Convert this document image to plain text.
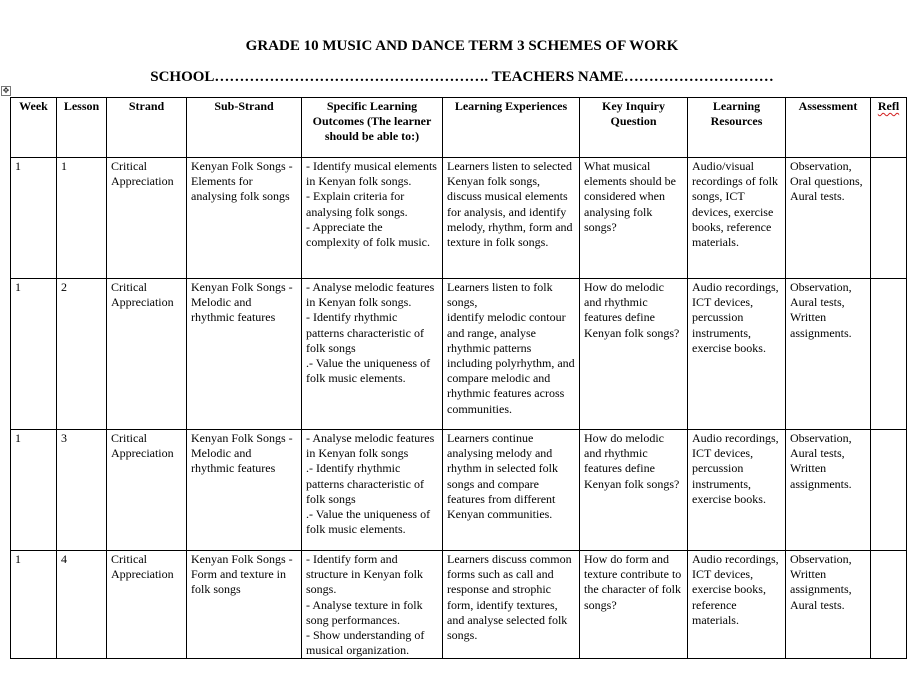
GRADE 10 MUSIC AND DANCE TERM 3 SCHEMES OF WORK
SCHOOL………………………………………………. TEACHERS NAME…………………………
✥
Week	Lesson	Strand	Sub-Strand	Specific Learning Outcomes (The learner should be able to:)	Learning Experiences	Key Inquiry Question	Learning Resources	Assessment	Refl
1	1	Critical Appreciation	Kenyan Folk Songs - Elements for analysing folk songs	- Identify musical elements in Kenyan folk songs.
- Explain criteria for analysing folk songs.
- Appreciate the complexity of folk music.	Learners listen to selected Kenyan folk songs, discuss musical elements for analysis, and identify melody, rhythm, form and texture in folk songs.	What musical elements should be considered when analysing folk songs?	Audio/visual recordings of folk songs, ICT devices, exercise books, reference materials.	Observation, Oral questions, Aural tests.	
1	2	Critical Appreciation	Kenyan Folk Songs - Melodic and rhythmic features	- Analyse melodic features in Kenyan folk songs.
- Identify rhythmic patterns characteristic of folk songs
.- Value the uniqueness of folk music elements.	Learners listen to folk songs,
identify melodic contour and range, analyse rhythmic patterns including polyrhythm, and compare melodic and rhythmic features across communities.	How do melodic and rhythmic features define Kenyan folk songs?	Audio recordings, ICT devices, percussion instruments, exercise books.	Observation, Aural tests, Written assignments.	
1	3	Critical Appreciation	Kenyan Folk Songs - Melodic and rhythmic features	- Analyse melodic features in Kenyan folk songs
.- Identify rhythmic patterns characteristic of folk songs
.- Value the uniqueness of folk music elements.	Learners continue analysing melody and rhythm in selected folk songs and compare features from different Kenyan communities.	How do melodic and rhythmic features define Kenyan folk songs?	Audio recordings, ICT devices, percussion instruments, exercise books.	Observation, Aural tests, Written assignments.	
1	4	Critical Appreciation	Kenyan Folk Songs - Form and texture in folk songs	- Identify form and structure in Kenyan folk songs.
- Analyse texture in folk song performances.
- Show understanding of musical organization.	Learners discuss common forms such as call and response and strophic form, identify textures, and analyse selected folk songs.	How do form and texture contribute to the character of folk songs?	Audio recordings, ICT devices, exercise books, reference materials.	Observation, Written assignments, Aural tests.	
